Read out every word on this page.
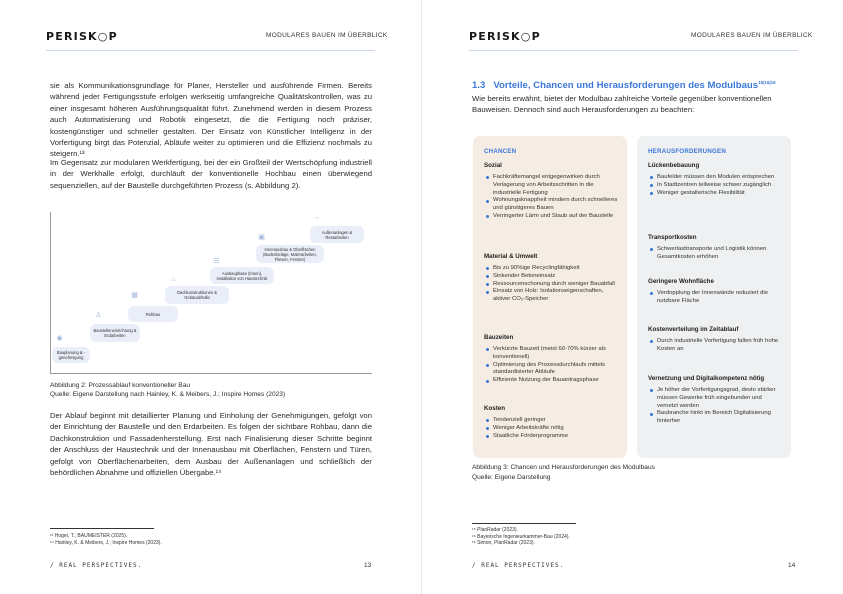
PERISK○P	MODULARES BAUEN IM ÜBERBLICK

sie als Kommunikationsgrundlage für Planer, Hersteller und ausführende Firmen. Bereits während jeder Fertigungsstufe erfolgen werkseitig umfangreiche Qualitätskontrollen, was zu einer insgesamt höheren Ausführungsqualität führt. Zunehmend werden in diesem Prozess auch Automatisierung und Robotik eingesetzt, die die Fertigung noch präziser, kostengünstiger und schneller gestalten. Der Einsatz von Künstlicher Intelligenz in der Vorfertigung birgt das Potenzial, Abläufe weiter zu optimieren und die Effizienz nochmals zu steigern.¹³

Im Gegensatz zur modularen Werkfertigung, bei der ein Großteil der Wertschöpfung industriell in der Werkhalle erfolgt, durchläuft der konventionelle Hochbau einen überwiegend sequenziellen, auf der Baustelle durchgeführten Prozess (s. Abbildung 2).

◉
Bauplanung & -genehmigung
♙
Baustelleneinrichtung & Erdarbeiten
▦
Rohbau
⌂
Dachkonstruktionen & Gebäudehülle
☰
Ausbauphase (Innen), Installation von Haustechnik
▣
Innenausbau & Oberflächen (Bodenbeläge, Malerarbeiten, Fliesen, Fenster)
→
Außenanlagen & Restarbeiten
Abbildung 2: Prozessablauf konventioneller Bau
Quelle: Eigene Darstellung nach Hainley, K. & Meibers, J.; Inspire Homes (2023)

Der Ablauf beginnt mit detaillierter Planung und Einholung der Genehmigungen, gefolgt von der Einrichtung der Baustelle und den Erdarbeiten. Es folgen der sichtbare Rohbau, dann die Dachkonstruktion und Fassadenherstellung. Erst nach Finalisierung dieser Schritte beginnt der Anschluss der Haustechnik und der Innenausbau mit Oberflächen, Fenstern und Türen, gefolgt von Oberflächenarbeiten, dem Ausbau der Außenanlagen und schließlich der behördlichen Abnahme und offiziellen Übergabe.¹⁴

¹³ Hoger, T.; BAUMEISTER (2025).
¹⁴ Hainley, K. & Meibers, J.; Inspire Homes (2023).
/ REAL PERSPECTIVES.	13
PERISK○P	MODULARES BAUEN IM ÜBERBLICK
1.3 Vorteile, Chancen und Herausforderungen des Modulbaus$^{15|16|16}$
Wie bereits erwähnt, bietet der Modulbau zahlreiche Vorteile gegenüber konventionellen Bauweisen. Dennoch sind auch Herausforderungen zu beachten:
CHANCEN
Sozial
Fachkräftemangel entgegenwirken durch Verlagerung von Arbeitsschritten in die industrielle Fertigung
Wohnungsknappheit mindern durch schnelleres und günstigeres Bauen
Verringerter Lärm und Staub auf der Baustelle
Material & Umwelt
Bis zu 90%ige Recyclingfähigkeit
Sinkender Betoneinsatz
Ressourcenschonung durch weniger Bauabfall
Einsatz von Holz: Isolationseigenschaften, aktiver CO₂-Speicher
Bauzeiten
Verkürzte Bauzeit (meist 60-70% kürzer als konventionell)
Optimierung des Prozessdurchlaufs mittels standardisierter Abläufe
Effiziente Nutzung der Bauantragsphase
Kosten
Tendenziell geringer
Weniger Arbeitskräfte nötig
Staatliche Förderprogramme
HERAUSFORDERUNGEN
Lückenbebauung
Baufelder müssen den Modulen entsprechen
In Stadtzentren teilweise schwer zugänglich
Weniger gestalterische Flexibilität
Transportkosten
Schwerlasttransporte und Logistik können Gesamtkosten erhöhen
Geringere Wohnfläche
Verdopplung der Innenwände reduziert die nutzbare Fläche
Kostenverteilung im Zeitablauf
Durch industrielle Vorfertigung fallen früh hohe Kosten an
Vernetzung und Digitalkompetenz nötig
Je höher der Vorfertigungsgrad, desto stärker müssen Gewerke früh eingebunden und vernetzt werden
Baubranche hinkt im Bereich Digitalisierung hinterher
Abbildung 3: Chancen und Herausforderungen des Modulbaus
Quelle: Eigene Darstellung
¹⁵ PlanRadar (2023).
¹⁶ Bayerische Ingenieurkammer-Bau (2024).
¹⁶ Simon, PlanRadar (2023).
/ REAL PERSPECTIVES.	14
